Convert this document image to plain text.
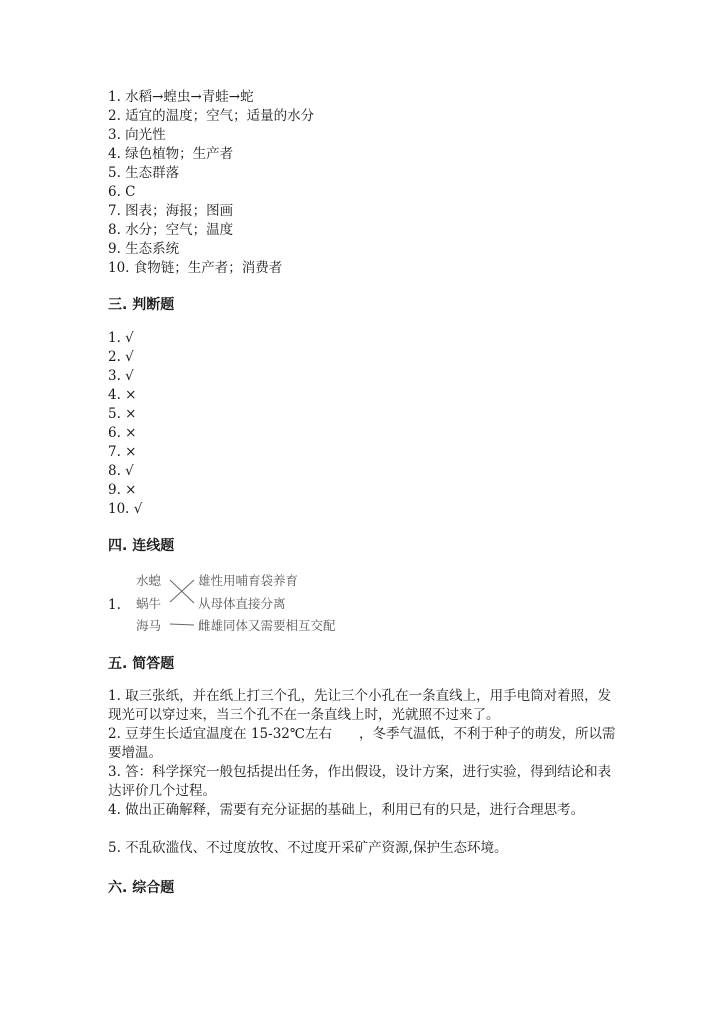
1. 水稻→蝗虫→青蛙→蛇
2. 适宜的温度；空气；适量的水分
3. 向光性
4. 绿色植物；生产者
5. 生态群落
6. C
7. 图表；海报；图画
8. 水分；空气；温度
9. 生态系统
10. 食物链；生产者；消费者
三. 判断题
1. √
2. √
3. √
4. ×
5. ×
6. ×
7. ×
8. √
9. ×
10. √
四. 连线题
1.
水螅
蜗牛
海马
雄性用哺育袋养育
从母体直接分离
雌雄同体又需要相互交配
五. 简答题
1. 取三张纸，并在纸上打三个孔，先让三个小孔在一条直线上，用手电筒对着照，发现光可以穿过来，当三个孔不在一条直线上时，光就照不过来了。
2. 豆芽生长适宜温度在 15-32℃左右　　，冬季气温低，不利于种子的萌发，所以需要增温。
3. 答：科学探究一般包括提出任务，作出假设，设计方案，进行实验，得到结论和表达评价几个过程。
4. 做出正确解释，需要有充分证据的基础上，利用已有的只是，进行合理思考。
5. 不乱砍滥伐、不过度放牧、不过度开采矿产资源,保护生态环境。
六. 综合题
